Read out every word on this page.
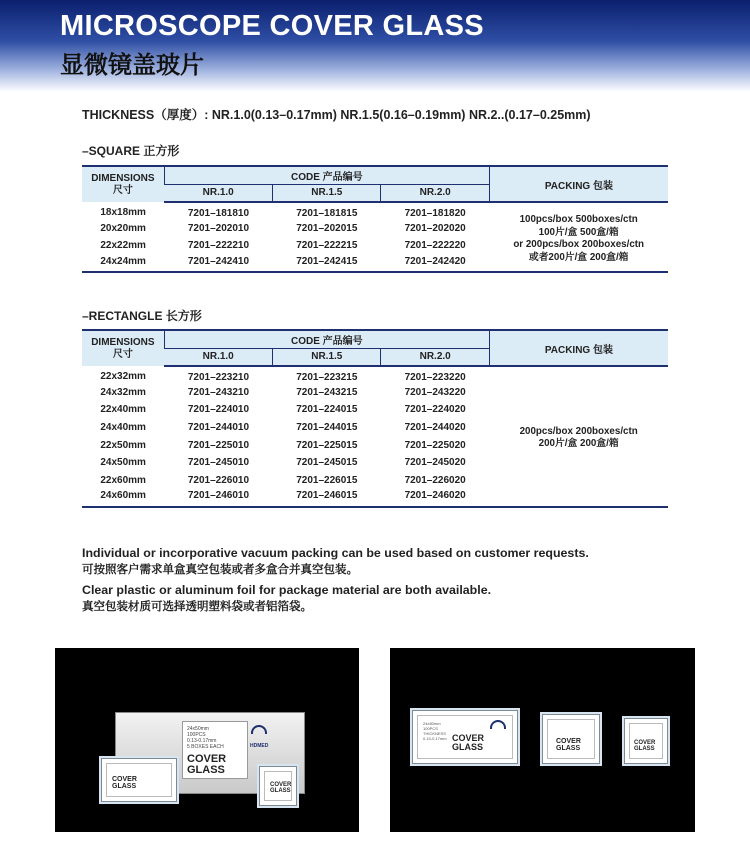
MICROSCOPE COVER GLASS
显微镜盖玻片
THICKNESS（厚度）: NR.1.0(0.13–0.17mm) NR.1.5(0.16–0.19mm) NR.2..(0.17–0.25mm)
–SQUARE 正方形
DIMENSIONS
尺寸	CODE 产品编号			PACKING 包装
	NR.1.0	NR.1.5	NR.2.0	
18x18mm	7201–181810	7201–181815	7201–181820	100pcs/box 500boxes/ctn
100片/盒 500盒/箱
or 200pcs/box 200boxes/ctn
或者200片/盒 200盒/箱

20x20mm	7201–202010	7201–202015	7201–202020	
22x22mm	7201–222210	7201–222215	7201–222220	
24x24mm	7201–242410	7201–242415	7201–242420	
–RECTANGLE 长方形
DIMENSIONS
尺寸	CODE 产品编号			PACKING 包装
	NR.1.0	NR.1.5	NR.2.0	
22x32mm	7201–223210	7201–223215	7201–223220	200pcs/box 200boxes/ctn
200片/盒 200盒/箱

24x32mm	7201–243210	7201–243215	7201–243220	
22x40mm	7201–224010	7201–224015	7201–224020	
24x40mm	7201–244010	7201–244015	7201–244020	
22x50mm	7201–225010	7201–225015	7201–225020	
24x50mm	7201–245010	7201–245015	7201–245020	
22x60mm	7201–226010	7201–226015	7201–226020	
24x60mm	7201–246010	7201–246015	7201–246020	
Individual or incorporative vacuum packing can be used based on customer requests.
可按照客户需求单盒真空包装或者多盒合并真空包装。
Clear plastic or aluminum foil for package material are both available.
真空包装材质可选择透明塑料袋或者铝箔袋。
24x50mm
100PCS
0.13-0.17mm
5 BOXES EACH
COVER
GLASS
HDMED
COVER
GLASS	COVER
GLASS
24x50mm
100PCS
THICKNESS
0.13-0.17mm COVER
GLASS
COVER
GLASS
COVER
GLASS
